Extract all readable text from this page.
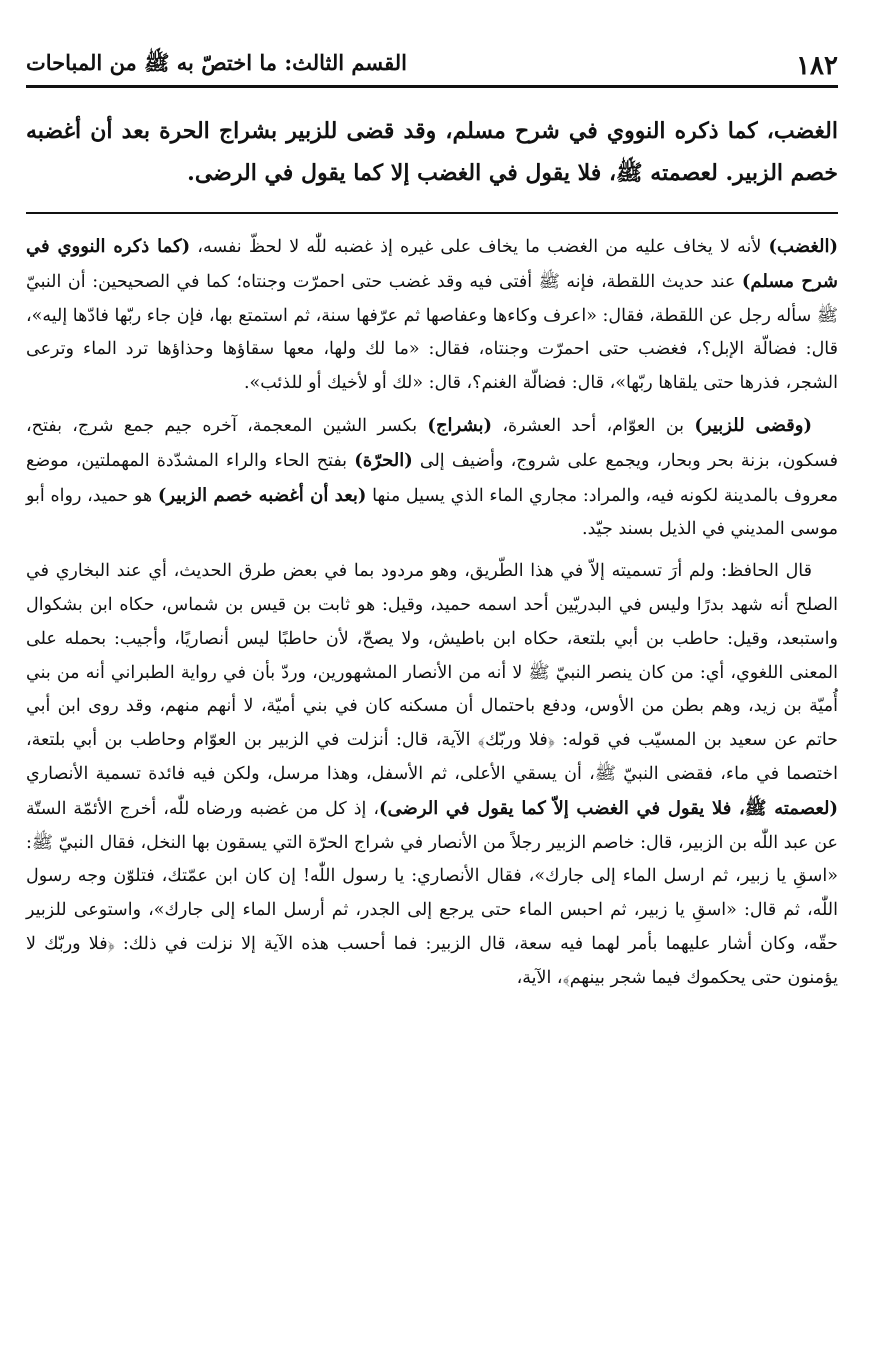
١٨٢
القسم الثالث: ما اختصّ به ﷺ من المباحات

الغضب، كما ذكره النووي في شرح مسلم، وقد قضى للزبير بشراج الحرة بعد أن أغضبه خصم الزبير. لعصمته ﷺ، فلا يقول في الغضب إلا كما يقول في الرضى.

(الغضب) لأنه لا يخاف عليه من الغضب ما يخاف على غيره إذ غضبه للّٰه لا لحظّ نفسه، (كما ذكره النووي في شرح مسلم) عند حديث اللقطة، فإنه ﷺ أفتى فيه وقد غضب حتى احمرّت وجنتاه؛ كما في الصحيحين: أن النبيّ ﷺ سأله رجل عن اللقطة، فقال: «اعرف وكاءها وعفاصها ثم عرّفها سنة، ثم استمتع بها، فإن جاء ربّها فادّها إليه»، قال: فضالّة الإبل؟، فغضب حتى احمرّت وجنتاه، فقال: «ما لك ولها، معها سقاؤها وحذاؤها ترد الماء وترعى الشجر، فذرها حتى يلقاها ربّها»، قال: فضالّة الغنم؟، قال: «لك أو لأخيك أو للذئب».

(وقضى للزبير) بن العوّام، أحد العشرة، (بشراج) بكسر الشين المعجمة، آخره جيم جمع شرج، بفتح، فسكون، بزنة بحر وبحار، ويجمع على شروج، وأضيف إلى (الحرّة) بفتح الحاء والراء المشدّدة المهملتين، موضع معروف بالمدينة لكونه فيه، والمراد: مجاري الماء الذي يسيل منها (بعد أن أغضبه خصم الزبير) هو حميد، رواه أبو موسى المديني في الذيل بسند جيّد.

قال الحافظ: ولم أرَ تسميته إلاّ في هذا الطّريق، وهو مردود بما في بعض طرق الحديث، أي عند البخاري في الصلح أنه شهد بدرًا وليس في البدريّين أحد اسمه حميد، وقيل: هو ثابت بن قيس بن شماس، حكاه ابن بشكوال واستبعد، وقيل: حاطب بن أبي بلتعة، حكاه ابن باطيش، ولا يصحّ، لأن حاطبًا ليس أنصاريًا، وأجيب: بحمله على المعنى اللغوي، أي: من كان ينصر النبيّ ﷺ لا أنه من الأنصار المشهورين، وردّ بأن في رواية الطبراني أنه من بني أُميّة بن زيد، وهم بطن من الأوس، ودفع باحتمال أن مسكنه كان في بني أميّة، لا أنهم منهم، وقد روى ابن أبي حاتم عن سعيد بن المسيّب في قوله: ﴿فلا وربّك﴾ الآية، قال: أنزلت في الزبير بن العوّام وحاطب بن أبي بلتعة، اختصما في ماء، فقضى النبيّ ﷺ، أن يسقي الأعلى، ثم الأسفل، وهذا مرسل، ولكن فيه فائدة تسمية الأنصاري (لعصمته ﷺ، فلا يقول في الغضب إلاّ كما يقول في الرضى)، إذ كل من غضبه ورضاه للّٰه، أخرج الأئمّة الستّة عن عبد اللّٰه بن الزبير، قال: خاصم الزبير رجلاً من الأنصار في شراج الحرّة التي يسقون بها النخل، فقال النبيّ ﷺ: «اسقِ يا زبير، ثم ارسل الماء إلى جارك»، فقال الأنصاري: يا رسول اللّٰه! إن كان ابن عمّتك، فتلوّن وجه رسول اللّٰه، ثم قال: «اسقِ يا زبير، ثم احبس الماء حتى يرجع إلى الجدر، ثم أرسل الماء إلى جارك»، واستوعى للزبير حقّه، وكان أشار عليهما بأمر لهما فيه سعة، قال الزبير: فما أحسب هذه الآية إلا نزلت في ذلك: ﴿فلا وربّك لا يؤمنون حتى يحكموك فيما شجر بينهم﴾، الآية،
